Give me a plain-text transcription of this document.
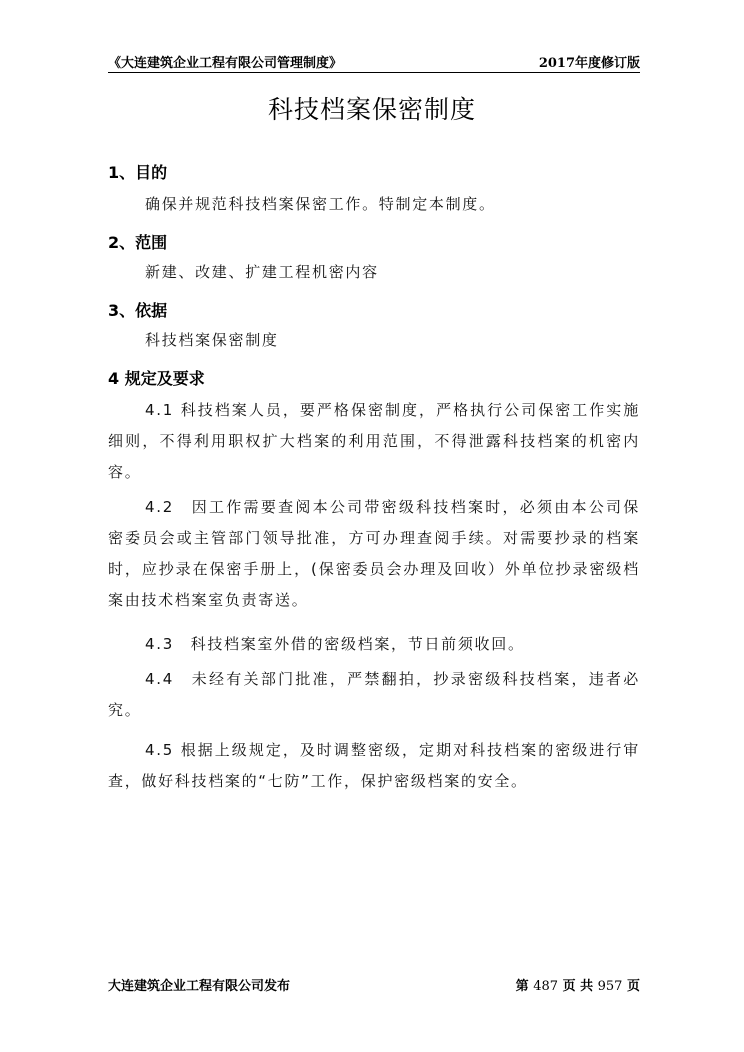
《大连建筑企业工程有限公司管理制度》	2017年度修订版
科技档案保密制度
1、目的
确保并规范科技档案保密工作。特制定本制度。
2、范围
新建、改建、扩建工程机密内容
3、依据
科技档案保密制度
4 规定及要求
4.1 科技档案人员，要严格保密制度，严格执行公司保密工作实施细则，不得利用职权扩大档案的利用范围，不得泄露科技档案的机密内容。
4.2　因工作需要查阅本公司带密级科技档案时，必须由本公司保密委员会或主管部门领导批准，方可办理查阅手续。对需要抄录的档案时，应抄录在保密手册上，(保密委员会办理及回收）外单位抄录密级档案由技术档案室负责寄送。
4.3　科技档案室外借的密级档案，节日前须收回。
4.4　未经有关部门批准，严禁翻拍，抄录密级科技档案，违者必究。
4.5 根据上级规定，及时调整密级，定期对科技档案的密级进行审查，做好科技档案的“七防”工作，保护密级档案的安全。
大连建筑企业工程有限公司发布	第 487 页 共 957 页
